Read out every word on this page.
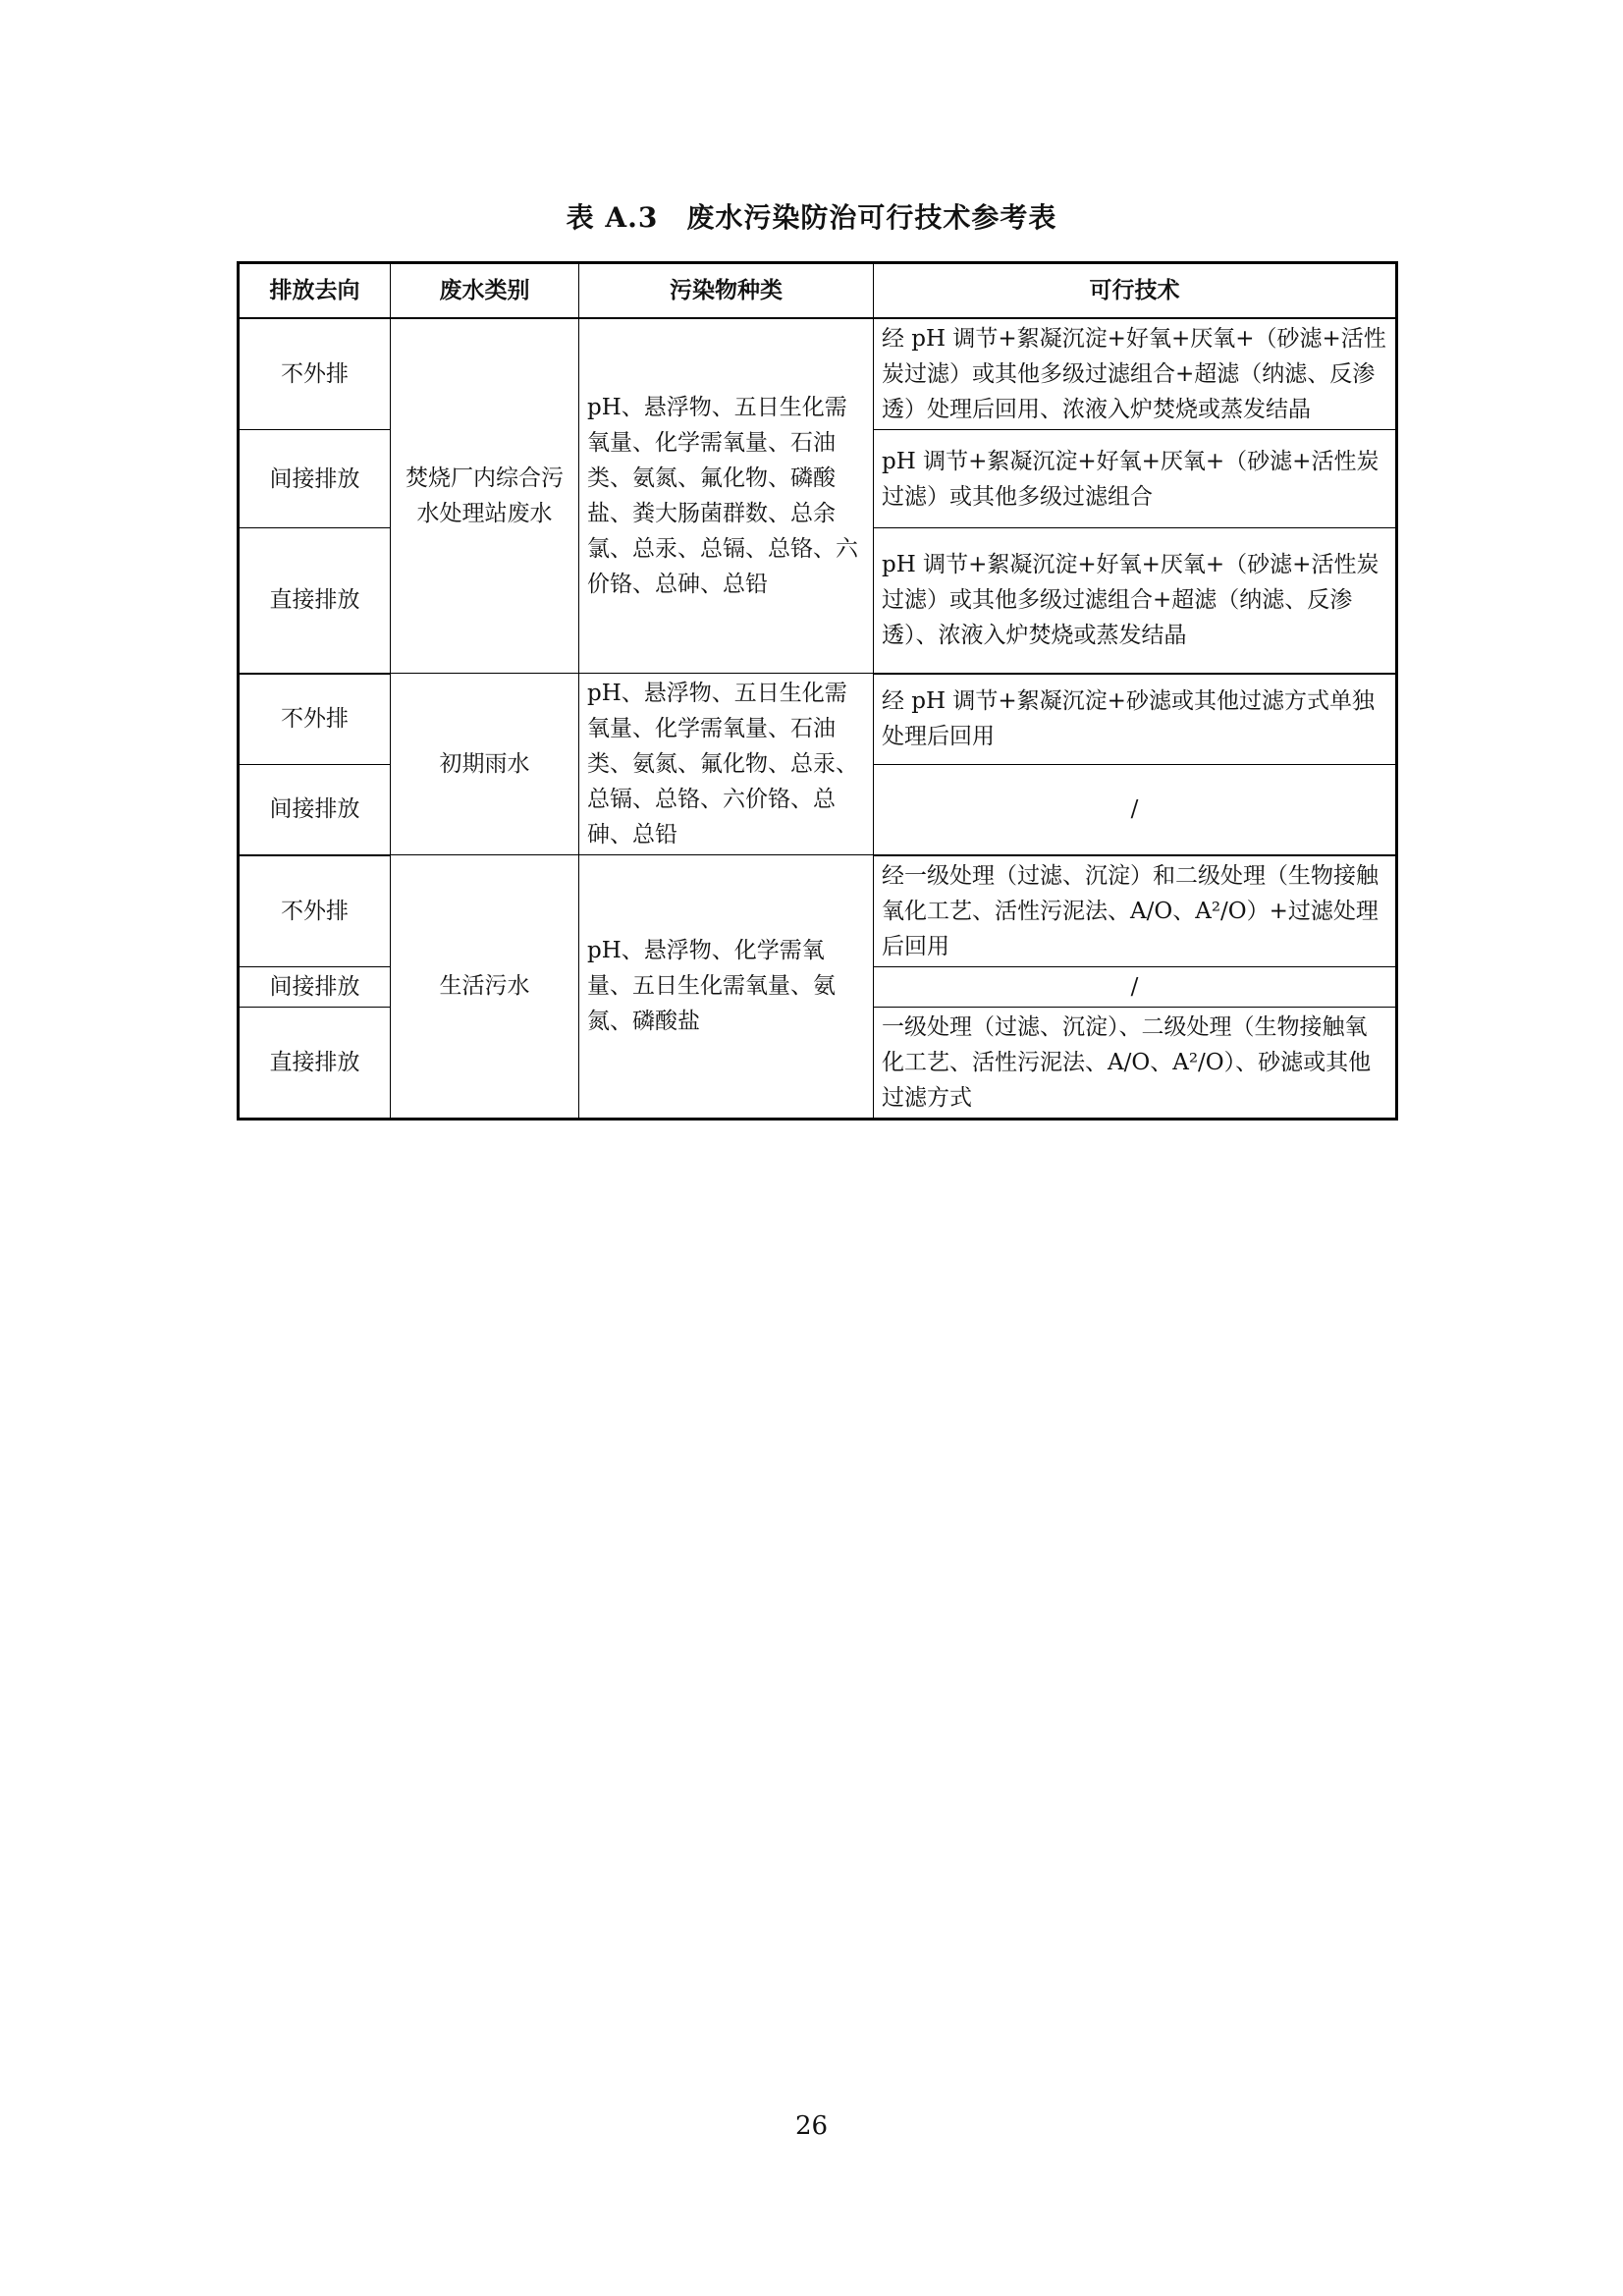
表 A.3　废水污染防治可行技术参考表
排放去向	废水类别	污染物种类	可行技术
不外排	焚烧厂内综合污水处理站废水	pH、悬浮物、五日生化需氧量、化学需氧量、石油类、氨氮、氟化物、磷酸盐、粪大肠菌群数、总余氯、总汞、总镉、总铬、六价铬、总砷、总铅	经 pH 调节+絮凝沉淀+好氧+厌氧+（砂滤+活性炭过滤）或其他多级过滤组合+超滤（纳滤、反渗透）处理后回用、浓液入炉焚烧或蒸发结晶
间接排放			pH 调节+絮凝沉淀+好氧+厌氧+（砂滤+活性炭过滤）或其他多级过滤组合
直接排放			pH 调节+絮凝沉淀+好氧+厌氧+（砂滤+活性炭过滤）或其他多级过滤组合+超滤（纳滤、反渗透）、浓液入炉焚烧或蒸发结晶
不外排	初期雨水	pH、悬浮物、五日生化需氧量、化学需氧量、石油类、氨氮、氟化物、总汞、总镉、总铬、六价铬、总砷、总铅	经 pH 调节+絮凝沉淀+砂滤或其他过滤方式单独处理后回用
间接排放			/
不外排	生活污水	pH、悬浮物、化学需氧量、五日生化需氧量、氨氮、磷酸盐	经一级处理（过滤、沉淀）和二级处理（生物接触氧化工艺、活性污泥法、A/O、A²/O）+过滤处理后回用
间接排放			/
直接排放			一级处理（过滤、沉淀）、二级处理（生物接触氧化工艺、活性污泥法、A/O、A²/O）、砂滤或其他过滤方式
26
